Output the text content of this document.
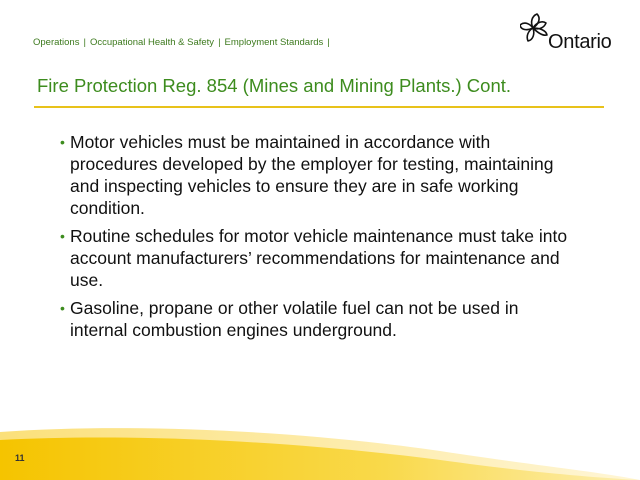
Operations | Occupational Health & Safety | Employment Standards |	Ontario
Fire Protection Reg. 854 (Mines and Mining Plants.) Cont.
• Motor vehicles must be maintained in accordance with procedures developed by the employer for testing, maintaining and inspecting vehicles to ensure they are in safe working condition.
• Routine schedules for motor vehicle maintenance must take into account manufacturers’ recommendations for maintenance and use.
• Gasoline, propane or other volatile fuel can not be used in internal combustion engines underground.
11
